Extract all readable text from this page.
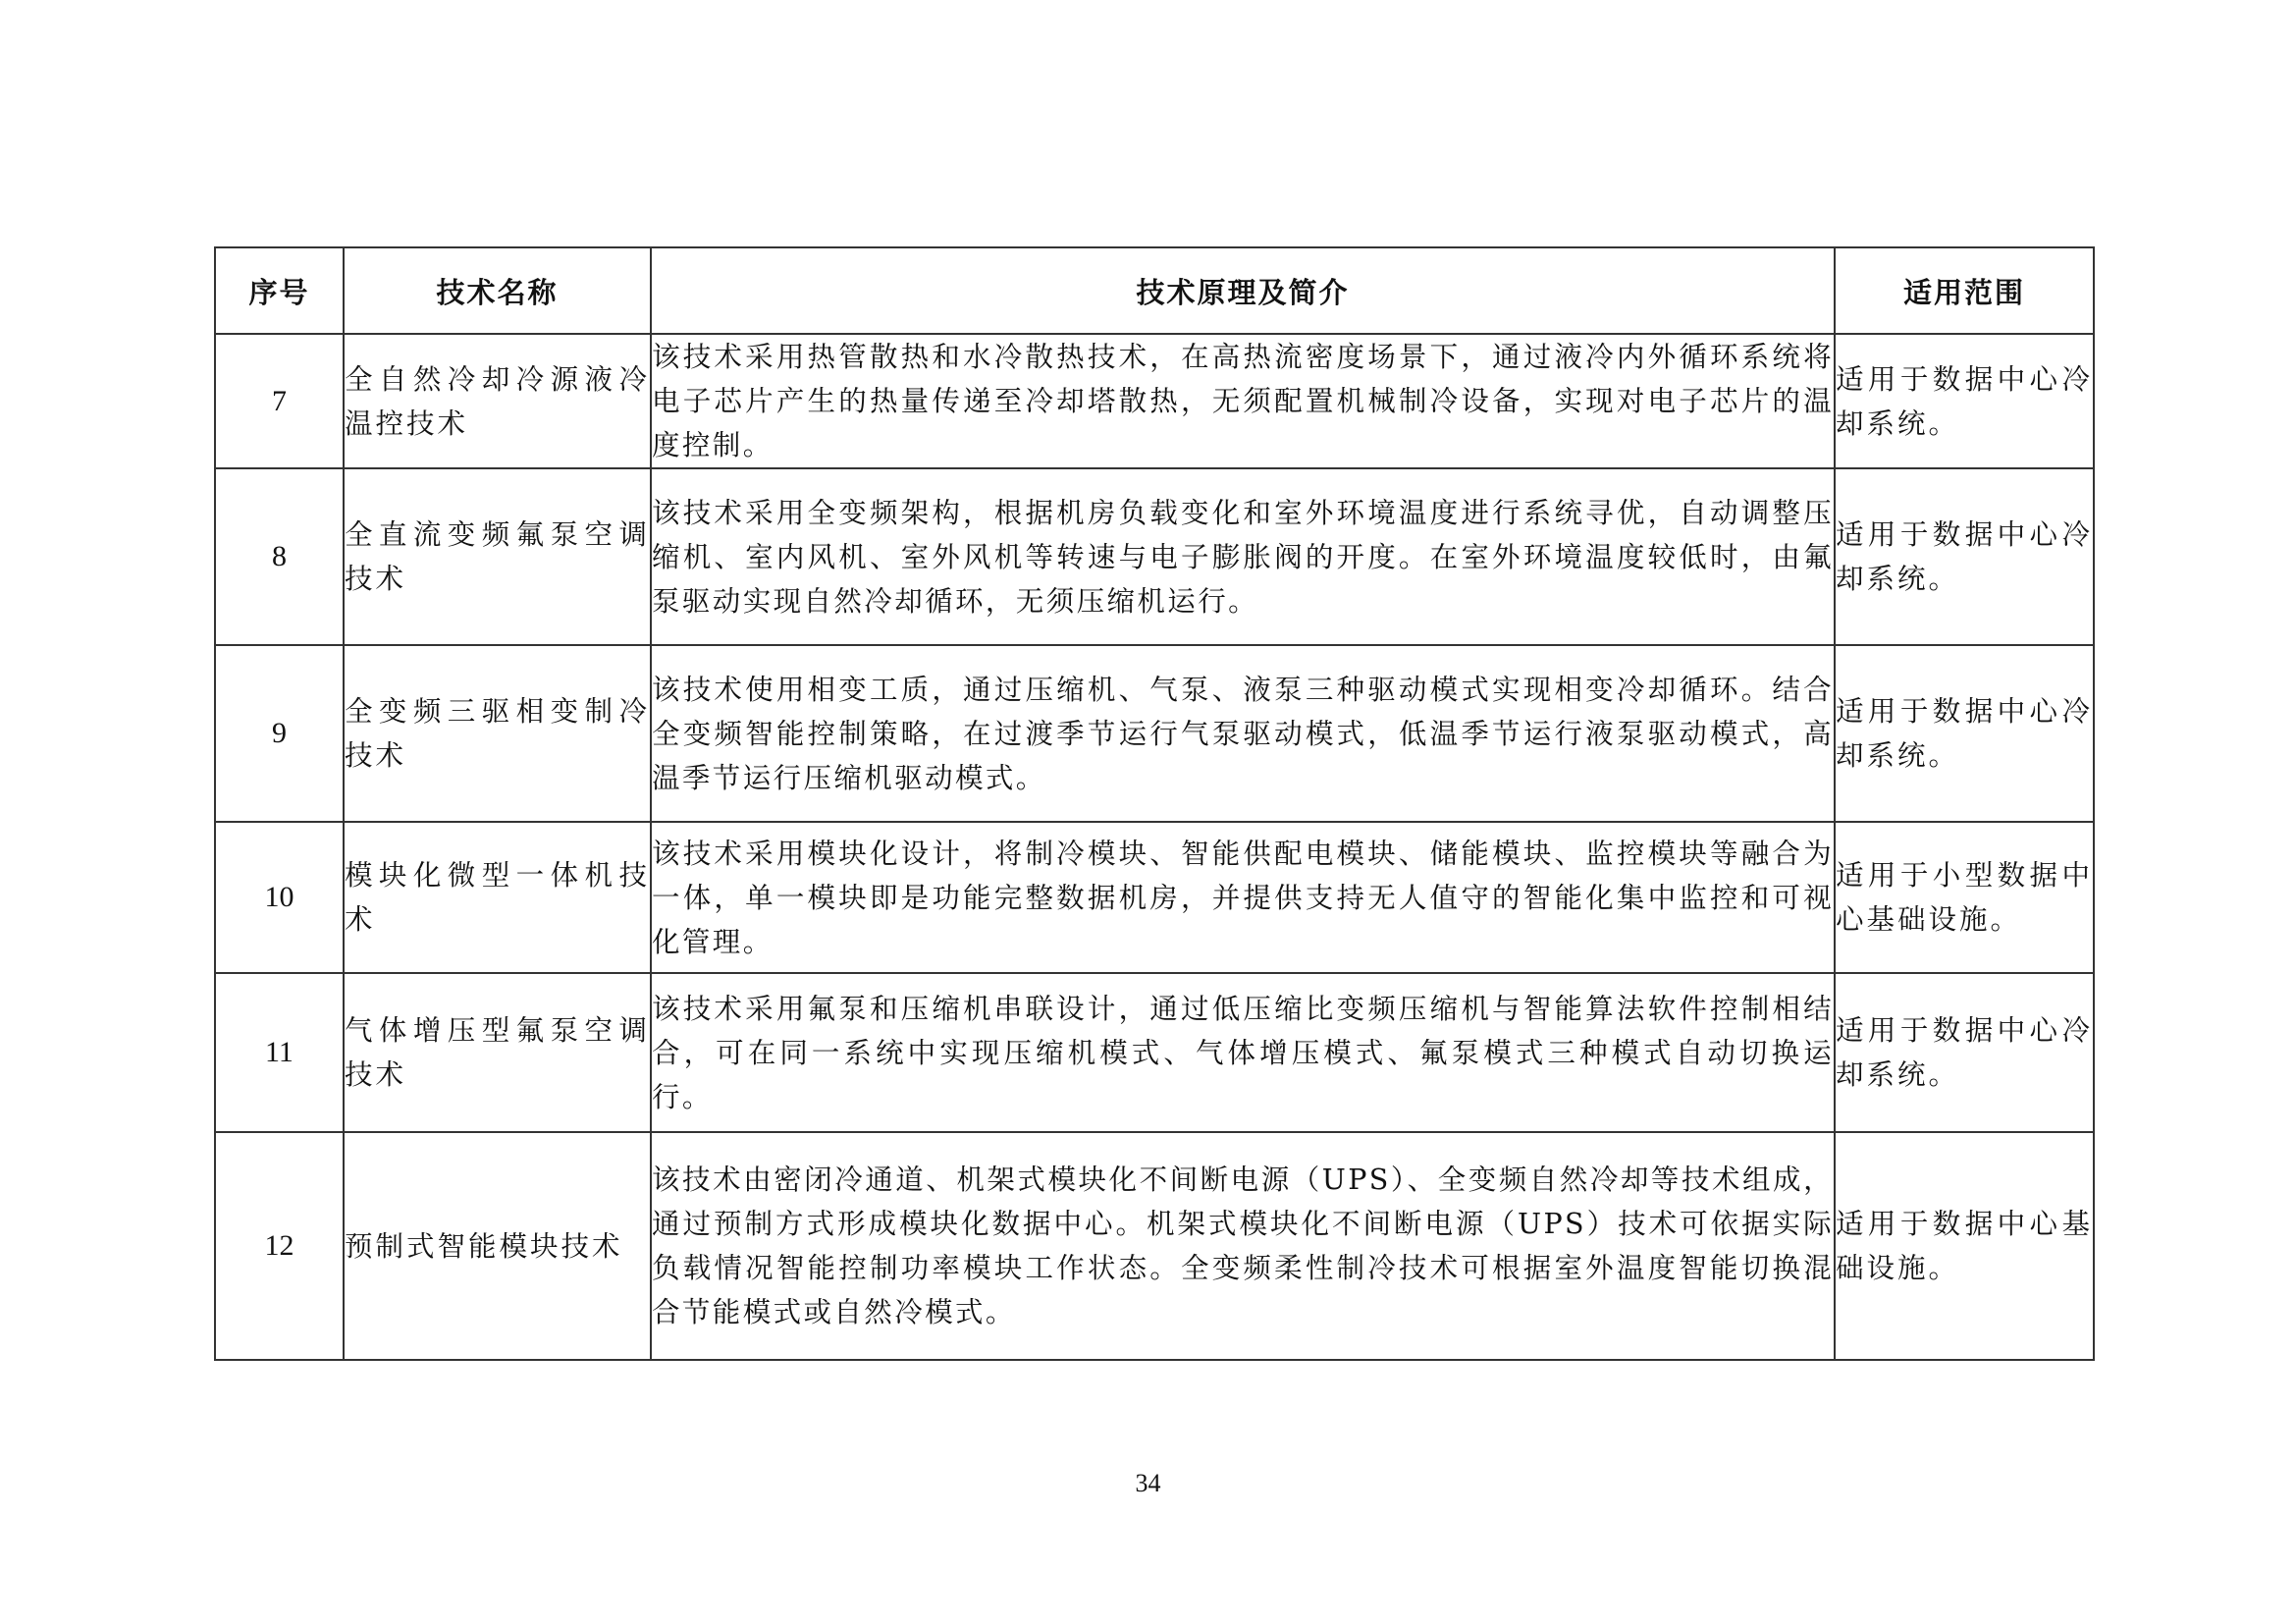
序号	技术名称	技术原理及简介	适用范围
7	全自然冷却冷源液冷温控技术	该技术采用热管散热和水冷散热技术，在高热流密度场景下，通过液冷内外循环系统将电子芯片产生的热量传递至冷却塔散热，无须配置机械制冷设备，实现对电子芯片的温度控制。	适用于数据中心冷却系统。
8	全直流变频氟泵空调技术	该技术采用全变频架构，根据机房负载变化和室外环境温度进行系统寻优，自动调整压缩机、室内风机、室外风机等转速与电子膨胀阀的开度。在室外环境温度较低时，由氟泵驱动实现自然冷却循环，无须压缩机运行。	适用于数据中心冷却系统。
9	全变频三驱相变制冷技术	该技术使用相变工质，通过压缩机、气泵、液泵三种驱动模式实现相变冷却循环。结合全变频智能控制策略，在过渡季节运行气泵驱动模式，低温季节运行液泵驱动模式，高温季节运行压缩机驱动模式。	适用于数据中心冷却系统。
10	模块化微型一体机技术	该技术采用模块化设计，将制冷模块、智能供配电模块、储能模块、监控模块等融合为一体，单一模块即是功能完整数据机房，并提供支持无人值守的智能化集中监控和可视化管理。	适用于小型数据中心基础设施。
11	气体增压型氟泵空调技术	该技术采用氟泵和压缩机串联设计，通过低压缩比变频压缩机与智能算法软件控制相结合，可在同一系统中实现压缩机模式、气体增压模式、氟泵模式三种模式自动切换运行。	适用于数据中心冷却系统。
12	预制式智能模块技术	该技术由密闭冷通道、机架式模块化不间断电源（UPS）、全变频自然冷却等技术组成，通过预制方式形成模块化数据中心。机架式模块化不间断电源（UPS）技术可依据实际负载情况智能控制功率模块工作状态。全变频柔性制冷技术可根据室外温度智能切换混合节能模式或自然冷模式。	适用于数据中心基础设施。
34
